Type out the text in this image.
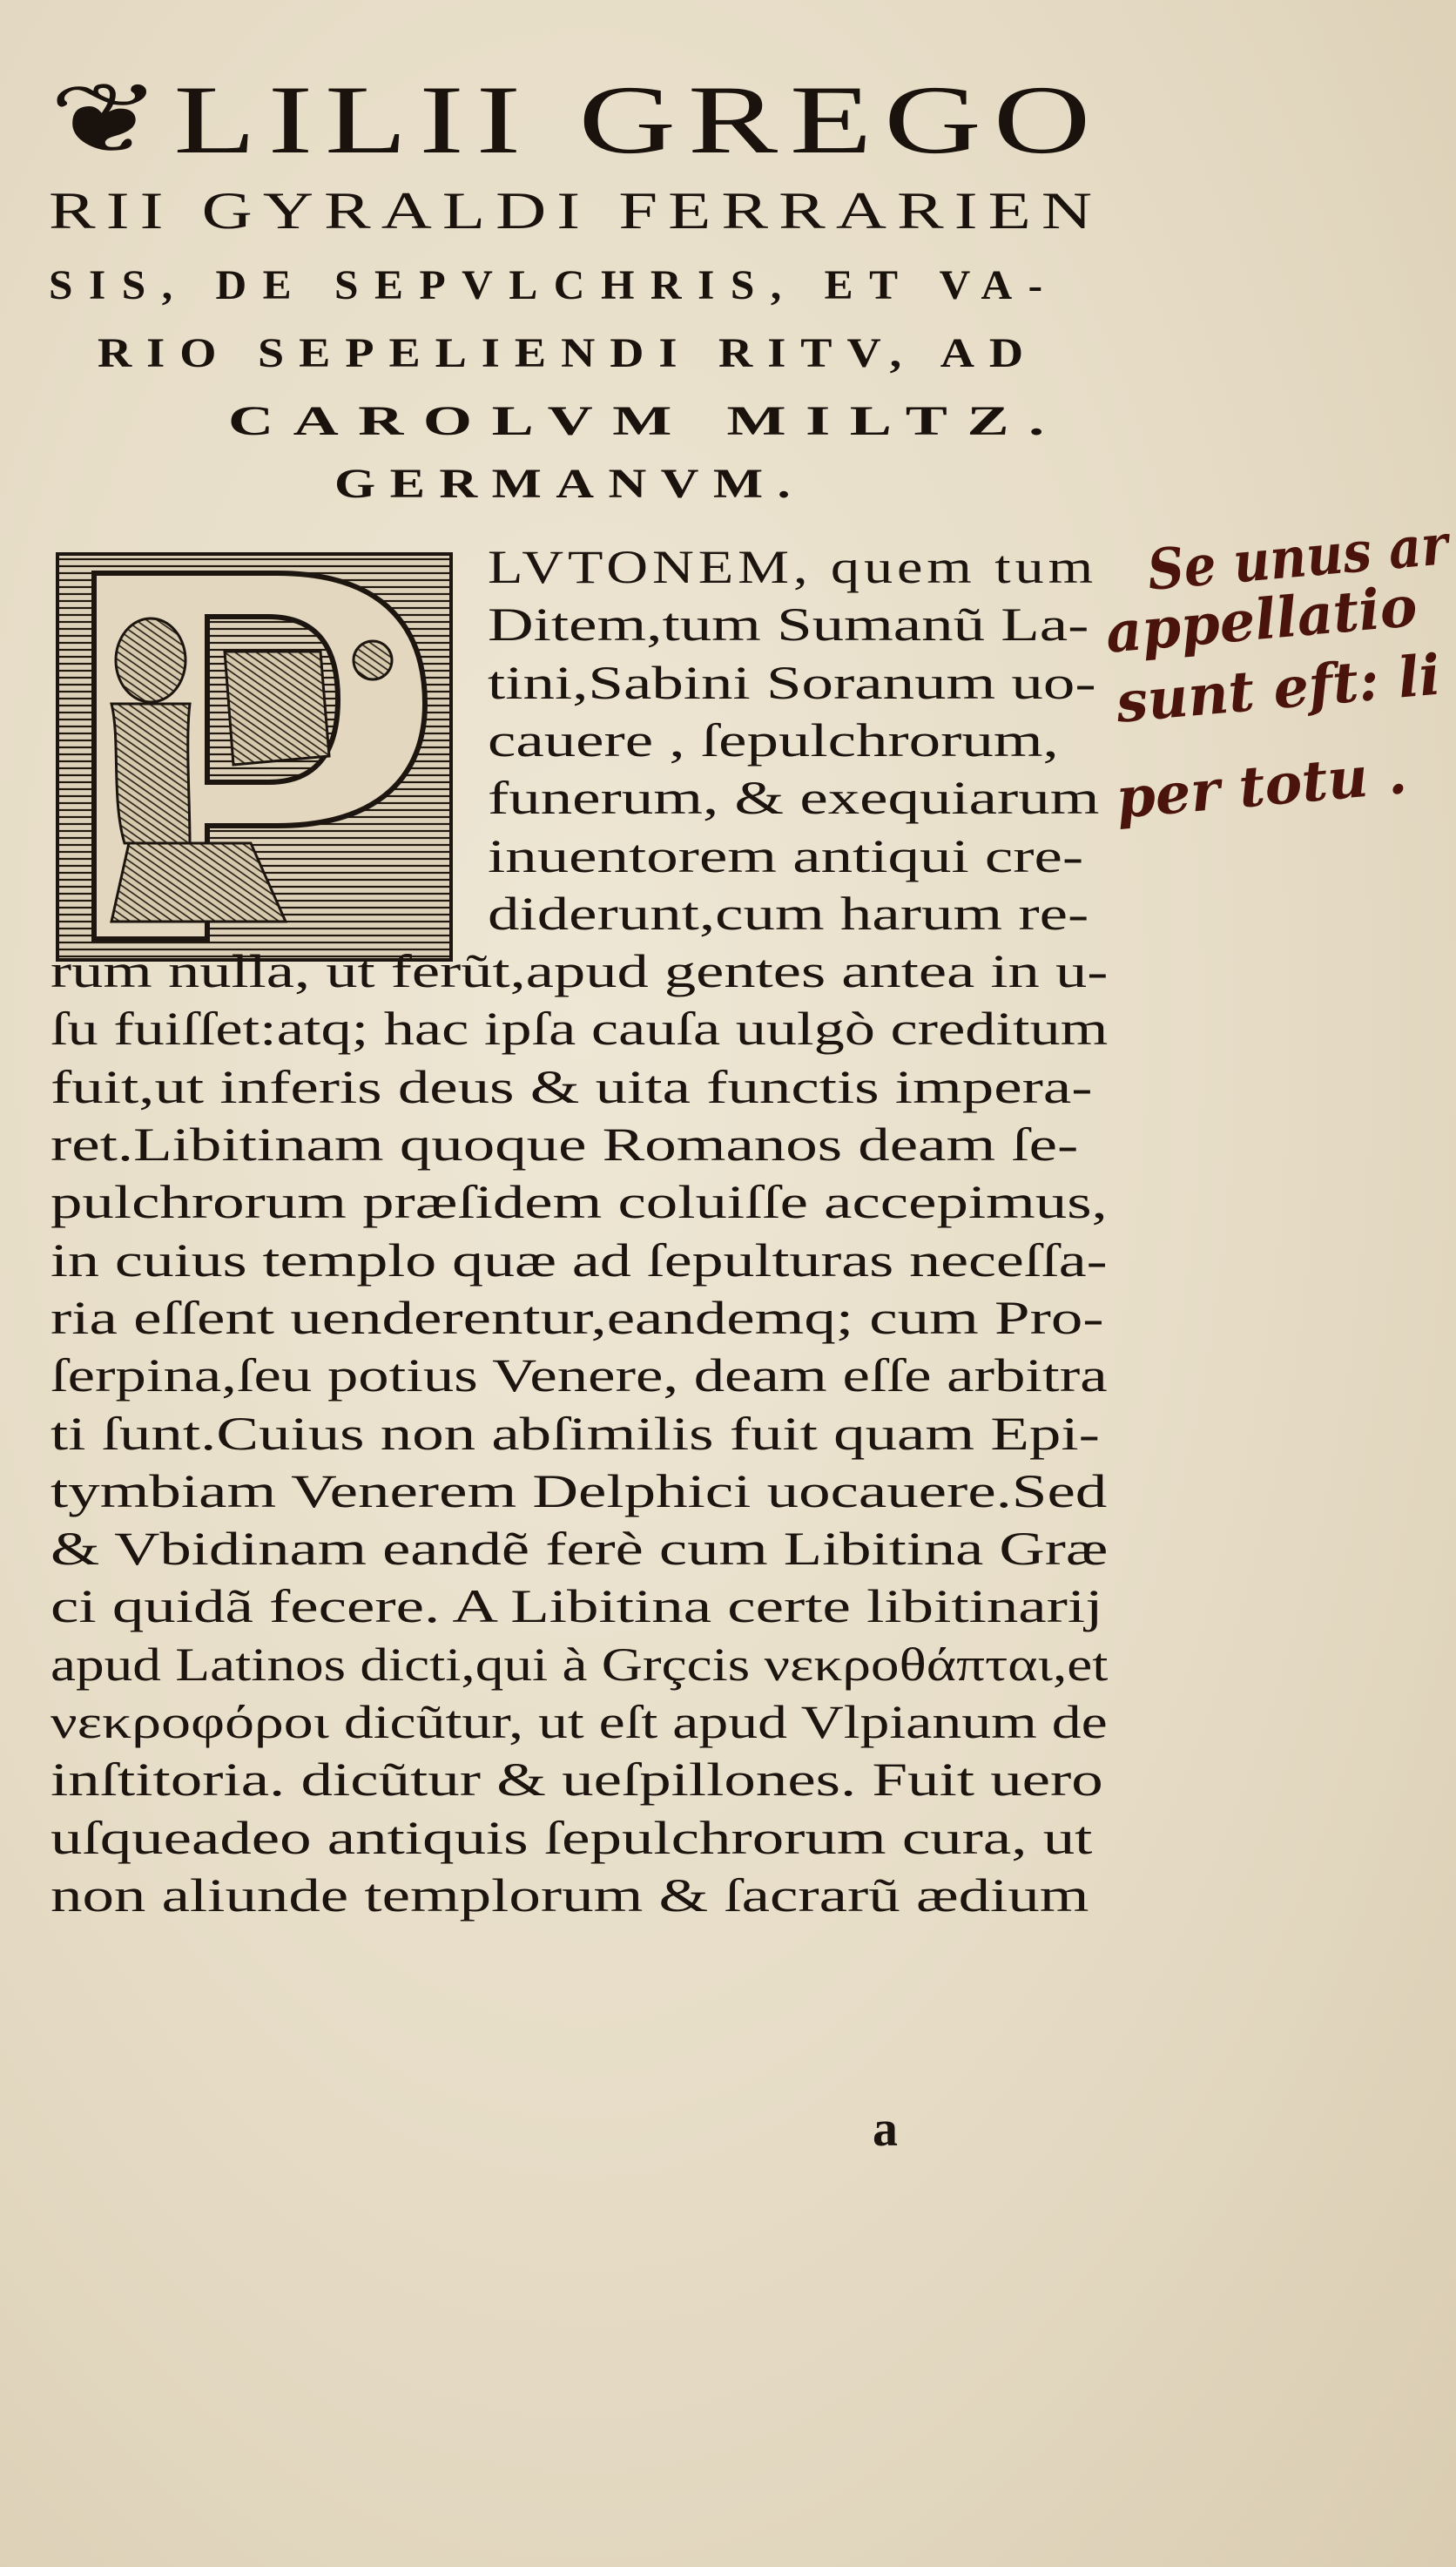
❦LILII GREGO
RII GYRALDI FERRARIEN
SIS, DE SEPVLCHRIS, ET VA-
RIO SEPELIENDI RITV, AD
CAROLVM MILTZ.
GERMANVM.
LVTONEM, quem tum
Ditem,tum Sumanũ La-
tini,Sabini Soranum uo-
cauere , ſepulchrorum,
funerum, & exequiarum
inuentorem antiqui cre-
diderunt,cum harum re-
rum nulla, ut ferũt,apud gentes antea in u-
ſu fuiſſet:atq; hac ipſa cauſa uulgò creditum
fuit,ut inferis deus & uita functis impera-
ret.Libitinam quoque Romanos deam ſe-
pulchrorum præſidem coluiſſe accepimus,
in cuius templo quæ ad ſepulturas neceſſa-
ria eſſent uenderentur,eandemq; cum Pro-
ſerpina,ſeu potius Venere, deam eſſe arbitra
ti ſunt.Cuius non abſimilis fuit quam Epi-
tymbiam Venerem Delphici uocauere.Sed
& Vbidinam eandẽ ferè cum Libitina Græ
ci quidã fecere. A Libitina certe libitinarij
apud Latinos dicti,qui à Grçcis νεκροθάπται,et
νεκροφόροι dicũtur, ut eſt apud Vlpianum de
inſtitoria. dicũtur & ueſpillones. Fuit uero
uſqueadeo antiquis ſepulchrorum cura, ut
non aliunde templorum & ſacrarũ ædium
Se unus ar
appellatio
sunt eft: li
per totu .
a
